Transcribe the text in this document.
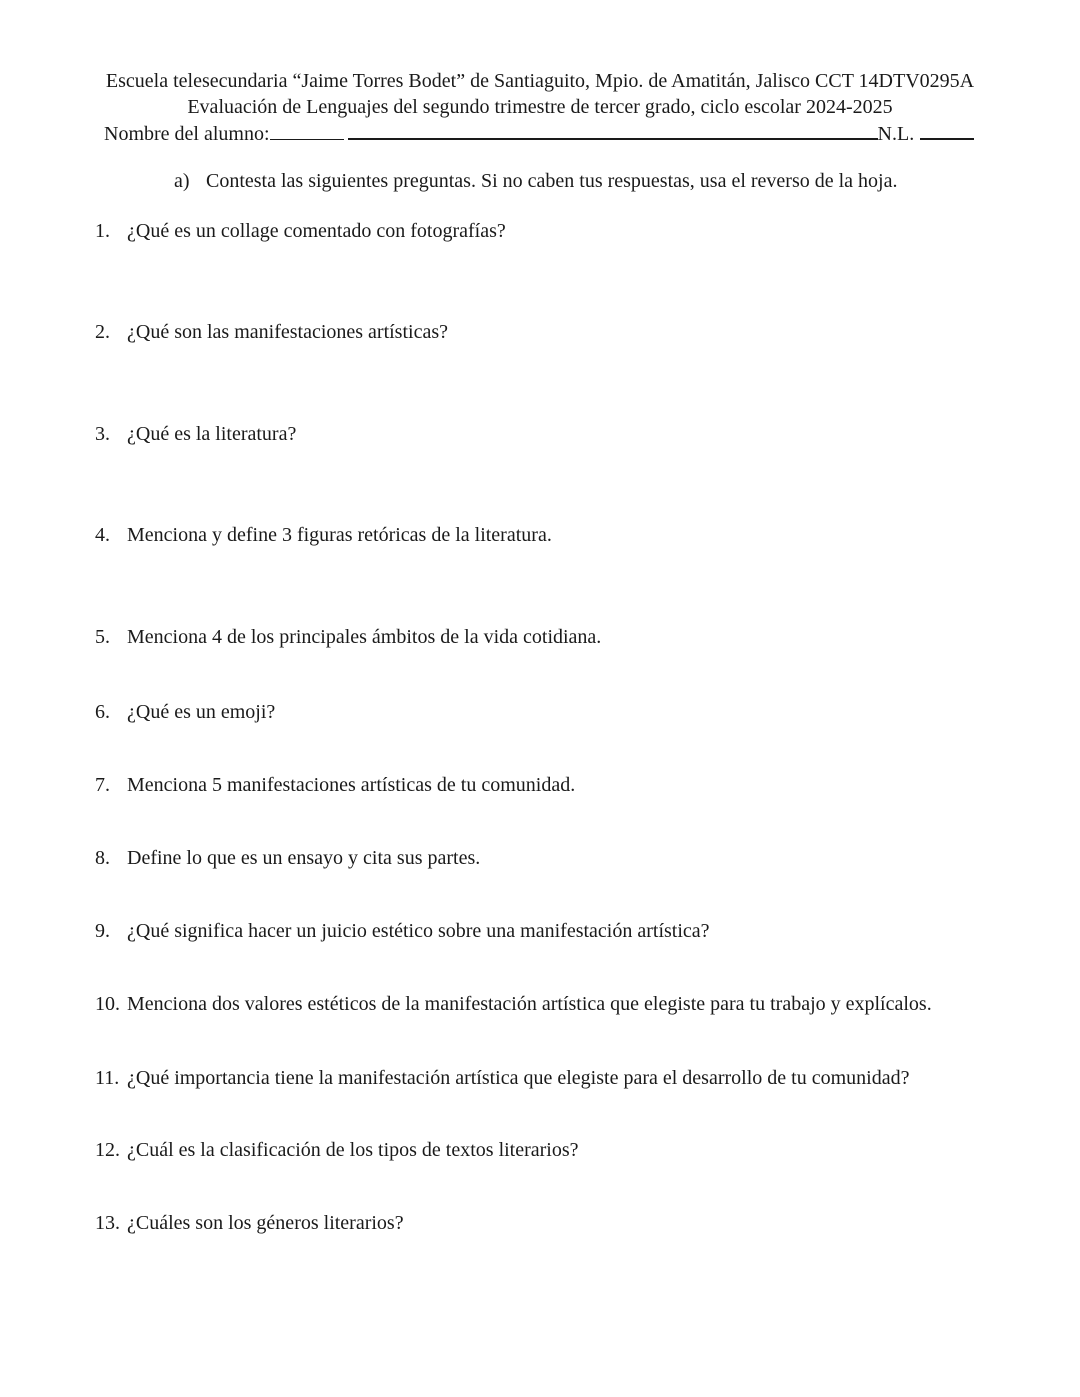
Escuela telesecundaria “Jaime Torres Bodet” de Santiaguito, Mpio. de Amatitán, Jalisco CCT 14DTV0295A
Evaluación de Lenguajes del segundo trimestre de tercer grado, ciclo escolar 2024-2025
Nombre del alumno:	N.L.
a) Contesta las siguientes preguntas. Si no caben tus respuestas, usa el reverso de la hoja.
1. ¿Qué es un collage comentado con fotografías?
2. ¿Qué son las manifestaciones artísticas?
3. ¿Qué es la literatura?
4. Menciona y define 3 figuras retóricas de la literatura.
5. Menciona 4 de los principales ámbitos de la vida cotidiana.
6. ¿Qué es un emoji?
7. Menciona 5 manifestaciones artísticas de tu comunidad.
8. Define lo que es un ensayo y cita sus partes.
9. ¿Qué significa hacer un juicio estético sobre una manifestación artística?
10. Menciona dos valores estéticos de la manifestación artística que elegiste para tu trabajo y explícalos.
11. ¿Qué importancia tiene la manifestación artística que elegiste para el desarrollo de tu comunidad?
12. ¿Cuál es la clasificación de los tipos de textos literarios?
13. ¿Cuáles son los géneros literarios?
